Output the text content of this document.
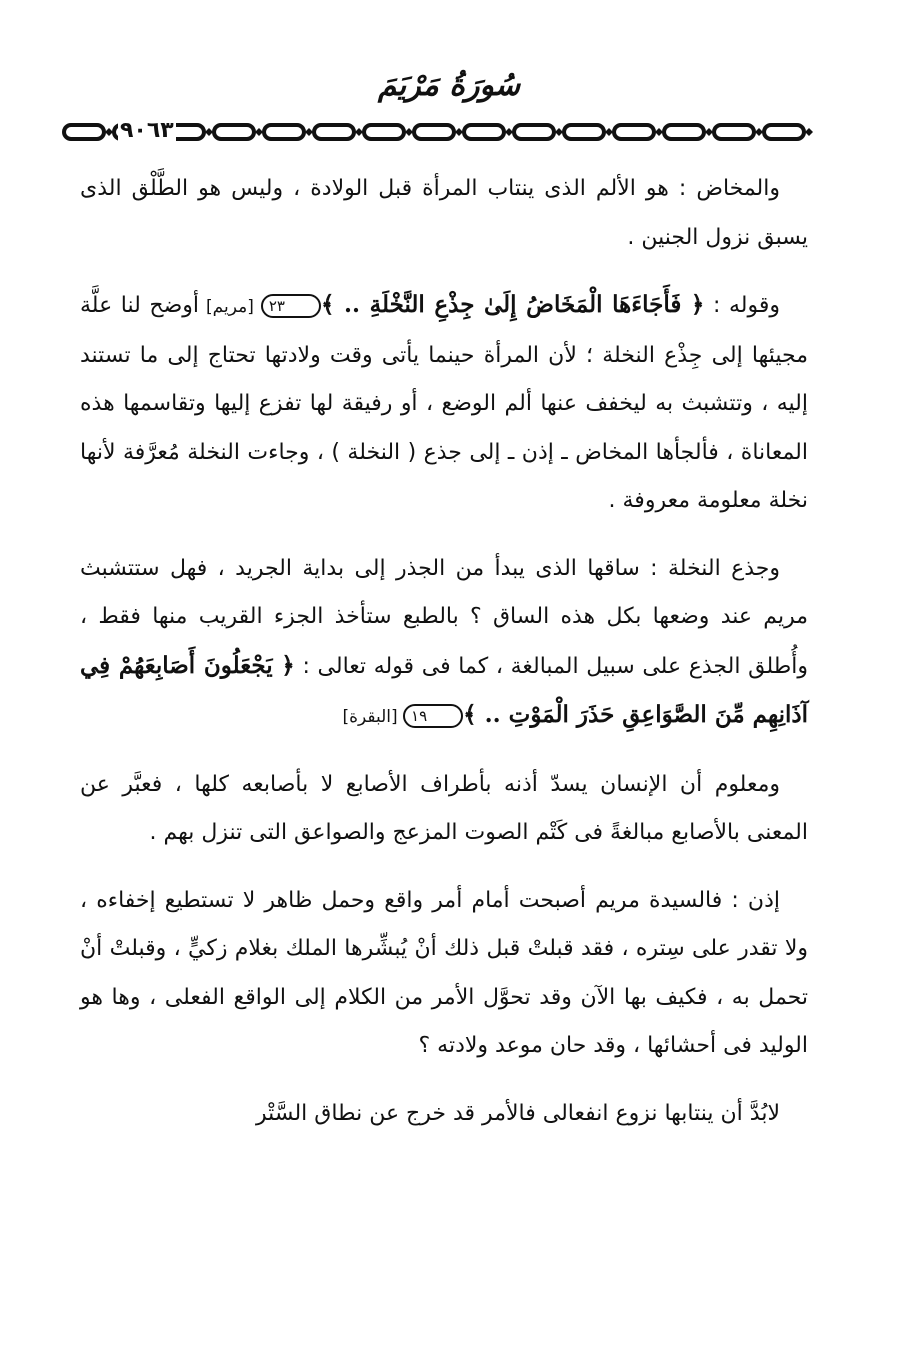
سُورَةُ مَرْيَمَ
٩٠٦٣

والمخاض : هو الألم الذى ينتاب المرأة قبل الولادة ، وليس هو الطَّلْق الذى يسبق نزول الجنين .

وقوله : ﴿ فَأَجَاءَهَا الْمَخَاضُ إِلَىٰ جِذْعِ النَّخْلَةِ .. ﴾٢٣ [مريم] أوضح لنا علَّة مجيئها إلى جِذْع النخلة ؛ لأن المرأة حينما يأتى وقت ولادتها تحتاج إلى ما تستند إليه ، وتتشبث به ليخفف عنها ألم الوضع ، أو رفيقة لها تفزع إليها وتقاسمها هذه المعاناة ، فألجأها المخاض ـ إذن ـ إلى جذع ( النخلة ) ، وجاءت النخلة مُعرَّفة لأنها نخلة معلومة معروفة .

وجذع النخلة : ساقها الذى يبدأ من الجذر إلى بداية الجريد ، فهل ستتشبث مريم عند وضعها بكل هذه الساق ؟ بالطبع ستأخذ الجزء القريب منها فقط ، وأُطلق الجذع على سبيل المبالغة ، كما فى قوله تعالى : ﴿ يَجْعَلُونَ أَصَابِعَهُمْ فِي آذَانِهِم مِّنَ الصَّوَاعِقِ حَذَرَ الْمَوْتِ .. ﴾١٩ [البقرة]

ومعلوم أن الإنسان يسدّ أذنه بأطراف الأصابع لا بأصابعه كلها ، فعبَّر عن المعنى بالأصابع مبالغةً فى كَتْم الصوت المزعج والصواعق التى تنزل بهم .

إذن : فالسيدة مريم أصبحت أمام أمر واقع وحمل ظاهر لا تستطيع إخفاءه ، ولا تقدر على سِتره ، فقد قبلتْ قبل ذلك أنْ يُبشِّرها الملك بغلام زكيٍّ ، وقبلتْ أنْ تحمل به ، فكيف بها الآن وقد تحوَّل الأمر من الكلام إلى الواقع الفعلى ، وها هو الوليد فى أحشائها ، وقد حان موعد ولادته ؟

لابُدَّ أن ينتابها نزوع انفعالى فالأمر قد خرج عن نطاق السَّتْر
